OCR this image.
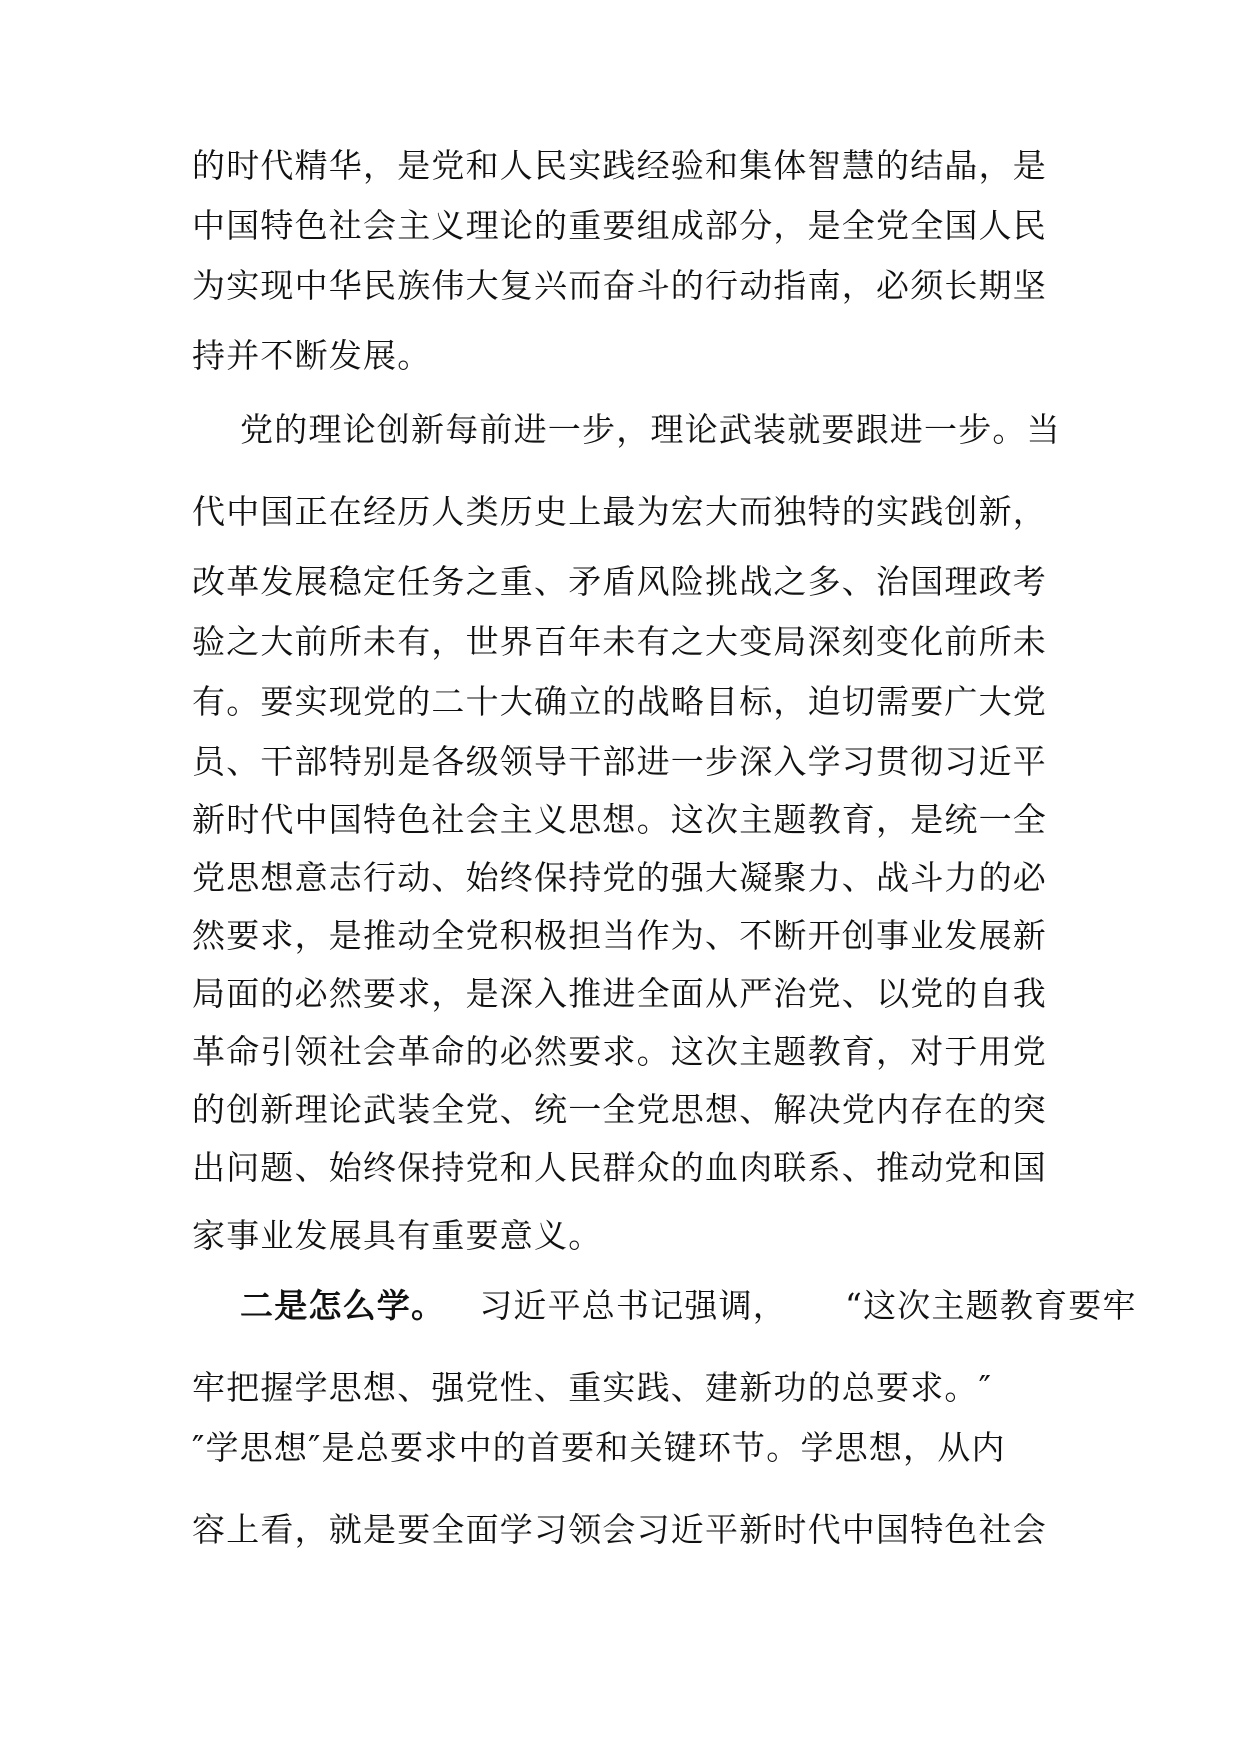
的时代精华，是党和人民实践经验和集体智慧的结晶，是
中国特色社会主义理论的重要组成部分，是全党全国人民
为实现中华民族伟大复兴而奋斗的行动指南，必须长期坚
持并不断发展。
党的理论创新每前进一步，理论武装就要跟进一步。当
代中国正在经历人类历史上最为宏大而独特的实践创新，
改革发展稳定任务之重、矛盾风险挑战之多、治国理政考
验之大前所未有，世界百年未有之大变局深刻变化前所未
有。要实现党的二十大确立的战略目标，迫切需要广大党
员、干部特别是各级领导干部进一步深入学习贯彻习近平
新时代中国特色社会主义思想。这次主题教育，是统一全
党思想意志行动、始终保持党的强大凝聚力、战斗力的必
然要求，是推动全党积极担当作为、不断开创事业发展新
局面的必然要求，是深入推进全面从严治党、以党的自我
革命引领社会革命的必然要求。这次主题教育，对于用党
的创新理论武装全党、统一全党思想、解决党内存在的突
出问题、始终保持党和人民群众的血肉联系、推动党和国
家事业发展具有重要意义。
二是怎么学。 习近平总书记强调， “这次主题教育要牢
牢把握学思想、强党性、重实践、建新功的总要求。″
″学思想″是总要求中的首要和关键环节。学思想，从内
容上看，就是要全面学习领会习近平新时代中国特色社会
